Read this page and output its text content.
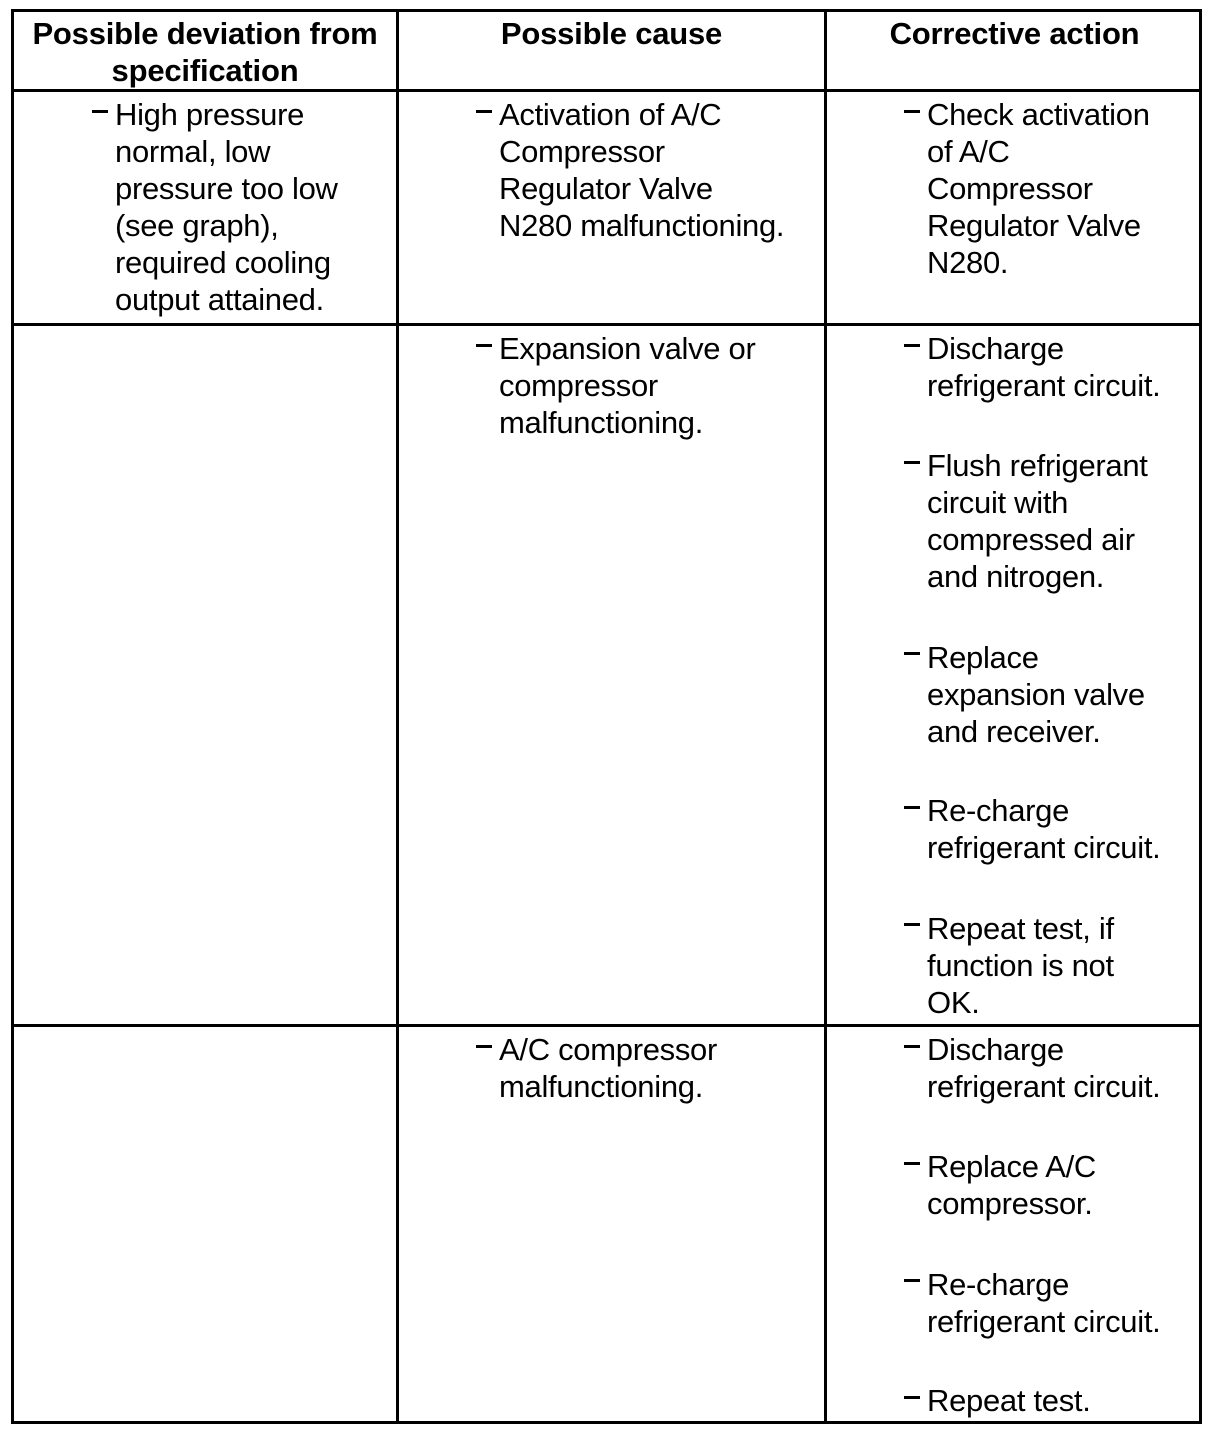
Possible deviation from specification
Possible cause	Corrective action
High pressure
normal, low
pressure too low
(see graph),
required cooling
output attained.
Activation of A/C
Compressor
Regulator Valve
N280 malfunctioning.
Check activation
of A/C
Compressor
Regulator Valve
N280.
Expansion valve or
compressor
malfunctioning.
Discharge
refrigerant circuit.
Flush refrigerant
circuit with
compressed air
and nitrogen.
Replace
expansion valve
and receiver.
Re-charge
refrigerant circuit.
Repeat test, if
function is not
OK.
A/C compressor
malfunctioning.
Discharge
refrigerant circuit.
Replace A/C
compressor.
Re-charge
refrigerant circuit.
Repeat test.
